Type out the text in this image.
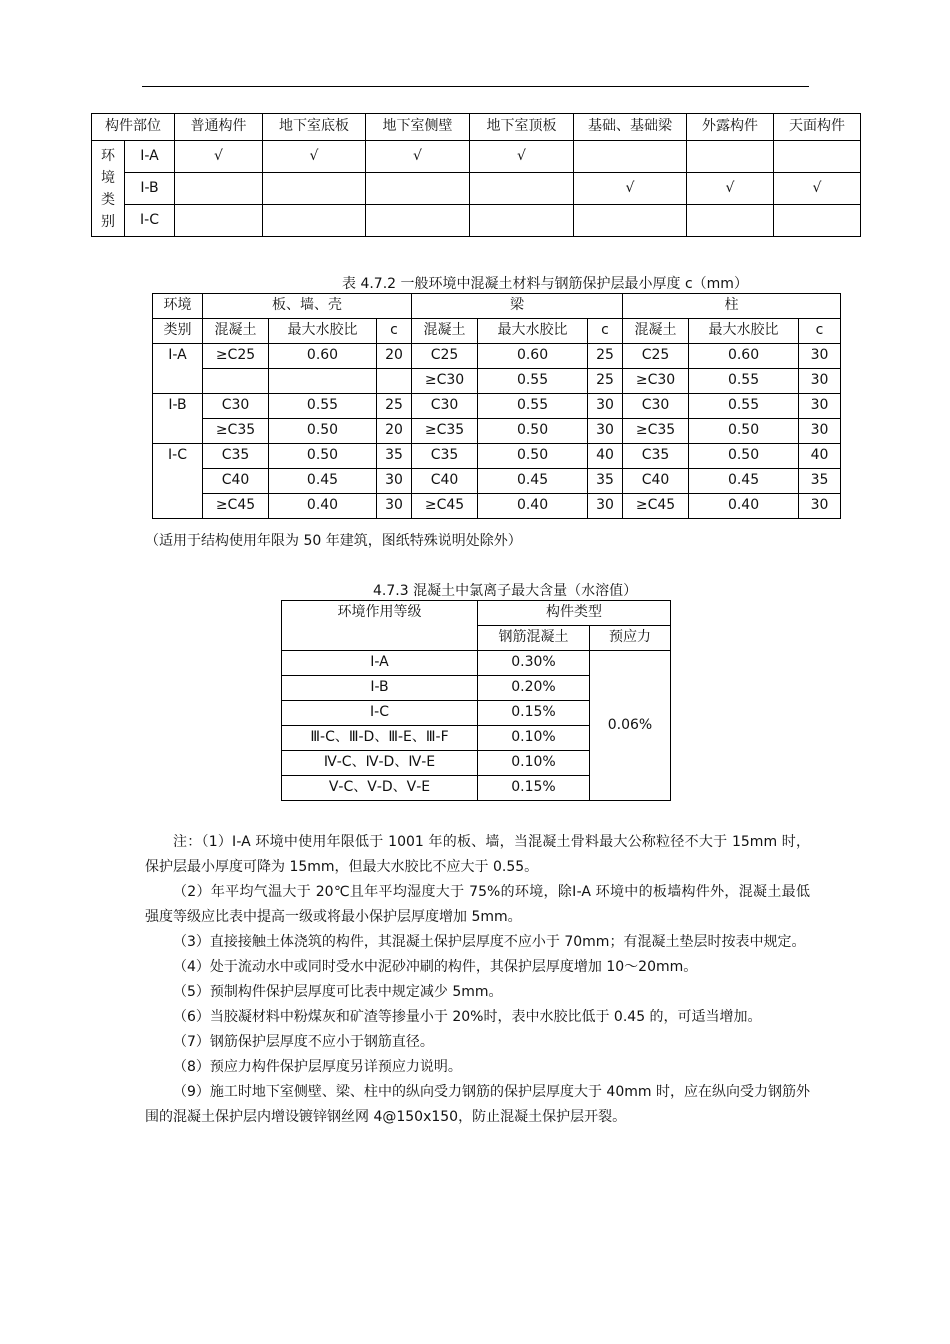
构件部位		普通构件	地下室底板	地下室侧壁	地下室顶板	基础、基础梁	外露构件	天面构件

环
境
类
别	Ⅰ-A	√	√	√	√			
	Ⅰ-B					√	√	√
	Ⅰ-C							
表 4.7.2 一般环境中混凝土材料与钢筋保护层最小厚度 c（mm）
环境	板、墙、壳			梁			柱		
类别	混凝土	最大水胶比	c	混凝土	最大水胶比	c	混凝土	最大水胶比	c
Ⅰ-A	≥C25	0.60	20	C25	0.60	25	C25	0.60	30
				≥C30	0.55	25	≥C30	0.55	30
Ⅰ-B	C30	0.55	25	C30	0.55	30	C30	0.55	30
	≥C35	0.50	20	≥C35	0.50	30	≥C35	0.50	30
Ⅰ-C	C35	0.50	35	C35	0.50	40	C35	0.50	40
	C40	0.45	30	C40	0.45	35	C40	0.45	35
	≥C45	0.40	30	≥C45	0.40	30	≥C45	0.40	30
（适用于结构使用年限为 50 年建筑，图纸特殊说明处除外）
4.7.3 混凝土中氯离子最大含量（水溶值）
环境作用等级	构件类型	
	钢筋混凝土	预应力
Ⅰ-A	0.30%	0.06%
Ⅰ-B	0.20%	
Ⅰ-C	0.15%	
Ⅲ-C、Ⅲ-D、Ⅲ-E、Ⅲ-F	0.10%	
Ⅳ-C、Ⅳ-D、Ⅳ-E	0.10%	
Ⅴ-C、Ⅴ-D、Ⅴ-E	0.15%	

注：（1）Ⅰ-A 环境中使用年限低于 1001 年的板、墙，当混凝土骨料最大公称粒径不大于 15mm 时，保护层最小厚度可降为 15mm，但最大水胶比不应大于 0.55。

（2）年平均气温大于 20℃且年平均湿度大于 75%的环境，除Ⅰ-A 环境中的板墙构件外，混凝土最低强度等级应比表中提高一级或将最小保护层厚度增加 5mm。

（3）直接接触土体浇筑的构件，其混凝土保护层厚度不应小于 70mm；有混凝土垫层时按表中规定。

（4）处于流动水中或同时受水中泥砂冲刷的构件，其保护层厚度增加 10～20mm。

（5）预制构件保护层厚度可比表中规定减少 5mm。

（6）当胶凝材料中粉煤灰和矿渣等掺量小于 20%时，表中水胶比低于 0.45 的，可适当增加。

（7）钢筋保护层厚度不应小于钢筋直径。

（8）预应力构件保护层厚度另详预应力说明。

（9）施工时地下室侧壁、梁、柱中的纵向受力钢筋的保护层厚度大于 40mm 时，应在纵向受力钢筋外围的混凝土保护层内增设镀锌钢丝网 4@150x150，防止混凝土保护层开裂。
